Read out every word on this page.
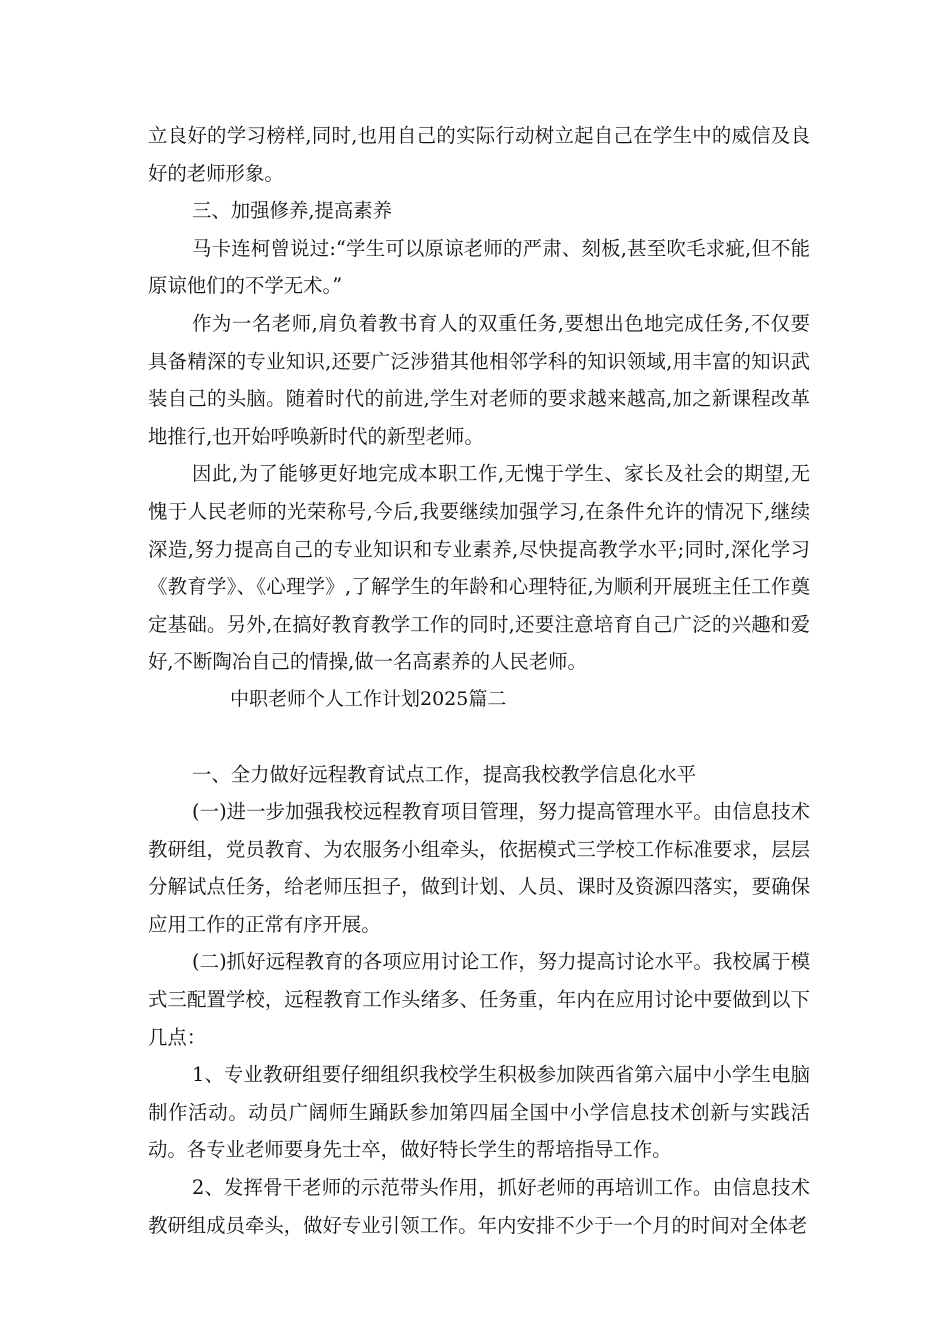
立良好的学习榜样,同时,也用自己的实际行动树立起自己在学生中的威信及良好的老师形象。

三、加强修养,提高素养

马卡连柯曾说过:“学生可以原谅老师的严肃、刻板,甚至吹毛求疵,但不能原谅他们的不学无术。”

作为一名老师,肩负着教书育人的双重任务,要想出色地完成任务,不仅要具备精深的专业知识,还要广泛涉猎其他相邻学科的知识领域,用丰富的知识武装自己的头脑。随着时代的前进,学生对老师的要求越来越高,加之新课程改革地推行,也开始呼唤新时代的新型老师。

因此,为了能够更好地完成本职工作,无愧于学生、家长及社会的期望,无愧于人民老师的光荣称号,今后,我要继续加强学习,在条件允许的情况下,继续深造,努力提高自己的专业知识和专业素养,尽快提高教学水平;同时,深化学习《教育学》、《心理学》,了解学生的年龄和心理特征,为顺利开展班主任工作奠定基础。另外,在搞好教育教学工作的同时,还要注意培育自己广泛的兴趣和爱好,不断陶冶自己的情操,做一名高素养的人民老师。

中职老师个人工作计划2025篇二

一、全力做好远程教育试点工作，提高我校教学信息化水平

(一)进一步加强我校远程教育项目管理，努力提高管理水平。由信息技术教研组，党员教育、为农服务小组牵头，依据模式三学校工作标准要求，层层分解试点任务，给老师压担子，做到计划、人员、课时及资源四落实，要确保应用工作的正常有序开展。

(二)抓好远程教育的各项应用讨论工作，努力提高讨论水平。我校属于模式三配置学校，远程教育工作头绪多、任务重，年内在应用讨论中要做到以下几点：

1、专业教研组要仔细组织我校学生积极参加陕西省第六届中小学生电脑制作活动。动员广阔师生踊跃参加第四届全国中小学信息技术创新与实践活动。各专业老师要身先士卒，做好特长学生的帮培指导工作。

2、发挥骨干老师的示范带头作用，抓好老师的再培训工作。由信息技术教研组成员牵头，做好专业引领工作。年内安排不少于一个月的时间对全体老
